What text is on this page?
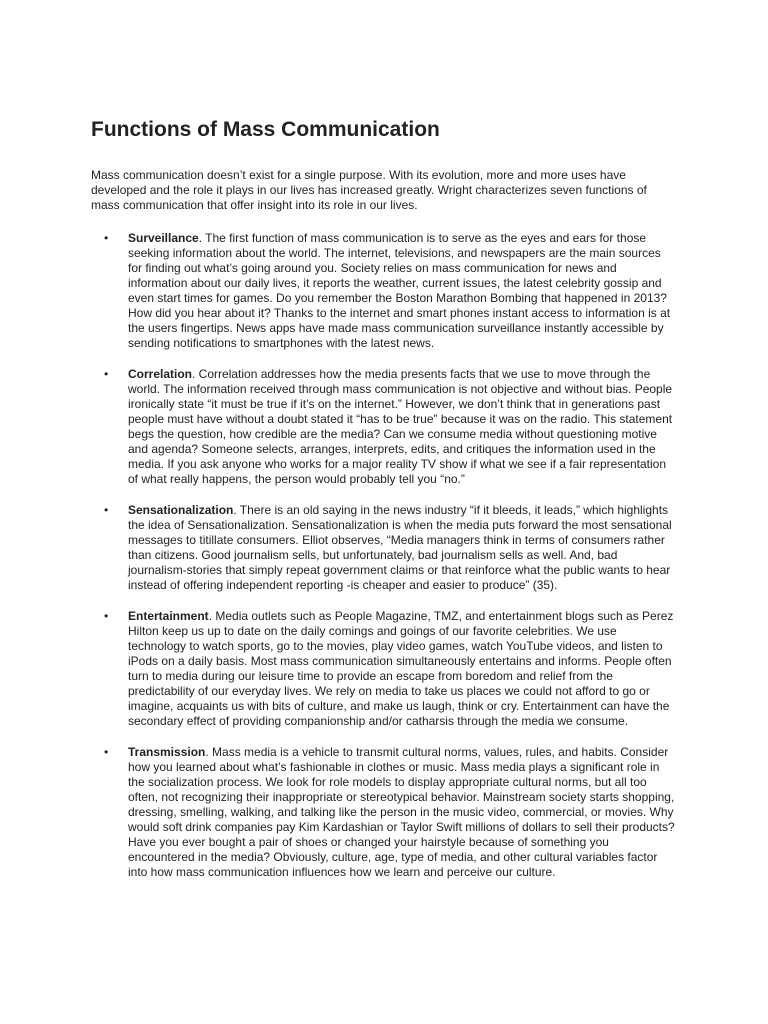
Functions of Mass Communication

Mass communication doesn’t exist for a single purpose. With its evolution, more and more uses have developed and the role it plays in our lives has increased greatly. Wright characterizes seven functions of mass communication that offer insight into its role in our lives.

• Surveillance. The first function of mass communication is to serve as the eyes and ears for those seeking information about the world. The internet, televisions, and newspapers are the main sources for finding out what’s going around you. Society relies on mass communication for news and information about our daily lives, it reports the weather, current issues, the latest celebrity gossip and even start times for games. Do you remember the Boston Marathon Bombing that happened in 2013? How did you hear about it? Thanks to the internet and smart phones instant access to information is at the users fingertips. News apps have made mass communication surveillance instantly accessible by sending notifications to smartphones with the latest news.
• Correlation. Correlation addresses how the media presents facts that we use to move through the world. The information received through mass communication is not objective and without bias. People ironically state “it must be true if it’s on the internet.” However, we don’t think that in generations past people must have without a doubt stated it “has to be true” because it was on the radio. This statement begs the question, how credible are the media? Can we consume media without questioning motive and agenda? Someone selects, arranges, interprets, edits, and critiques the information used in the media. If you ask anyone who works for a major reality TV show if what we see if a fair representation of what really happens, the person would probably tell you “no.”
• Sensationalization. There is an old saying in the news industry “if it bleeds, it leads,” which highlights the idea of Sensationalization. Sensationalization is when the media puts forward the most sensational messages to titillate consumers. Elliot observes, “Media managers think in terms of consumers rather than citizens. Good journalism sells, but unfortunately, bad journalism sells as well. And, bad journalism-stories that simply repeat government claims or that reinforce what the public wants to hear instead of offering independent reporting -is cheaper and easier to produce” (35).
• Entertainment. Media outlets such as People Magazine, TMZ, and entertainment blogs such as Perez Hilton keep us up to date on the daily comings and goings of our favorite celebrities. We use technology to watch sports, go to the movies, play video games, watch YouTube videos, and listen to iPods on a daily basis. Most mass communication simultaneously entertains and informs. People often turn to media during our leisure time to provide an escape from boredom and relief from the predictability of our everyday lives. We rely on media to take us places we could not afford to go or imagine, acquaints us with bits of culture, and make us laugh, think or cry. Entertainment can have the secondary effect of providing companionship and/or catharsis through the media we consume.
• Transmission. Mass media is a vehicle to transmit cultural norms, values, rules, and habits. Consider how you learned about what’s fashionable in clothes or music. Mass media plays a significant role in the socialization process. We look for role models to display appropriate cultural norms, but all too often, not recognizing their inappropriate or stereotypical behavior. Mainstream society starts shopping, dressing, smelling, walking, and talking like the person in the music video, commercial, or movies. Why would soft drink companies pay Kim Kardashian or Taylor Swift millions of dollars to sell their products? Have you ever bought a pair of shoes or changed your hairstyle because of something you encountered in the media? Obviously, culture, age, type of media, and other cultural variables factor into how mass communication influences how we learn and perceive our culture.
